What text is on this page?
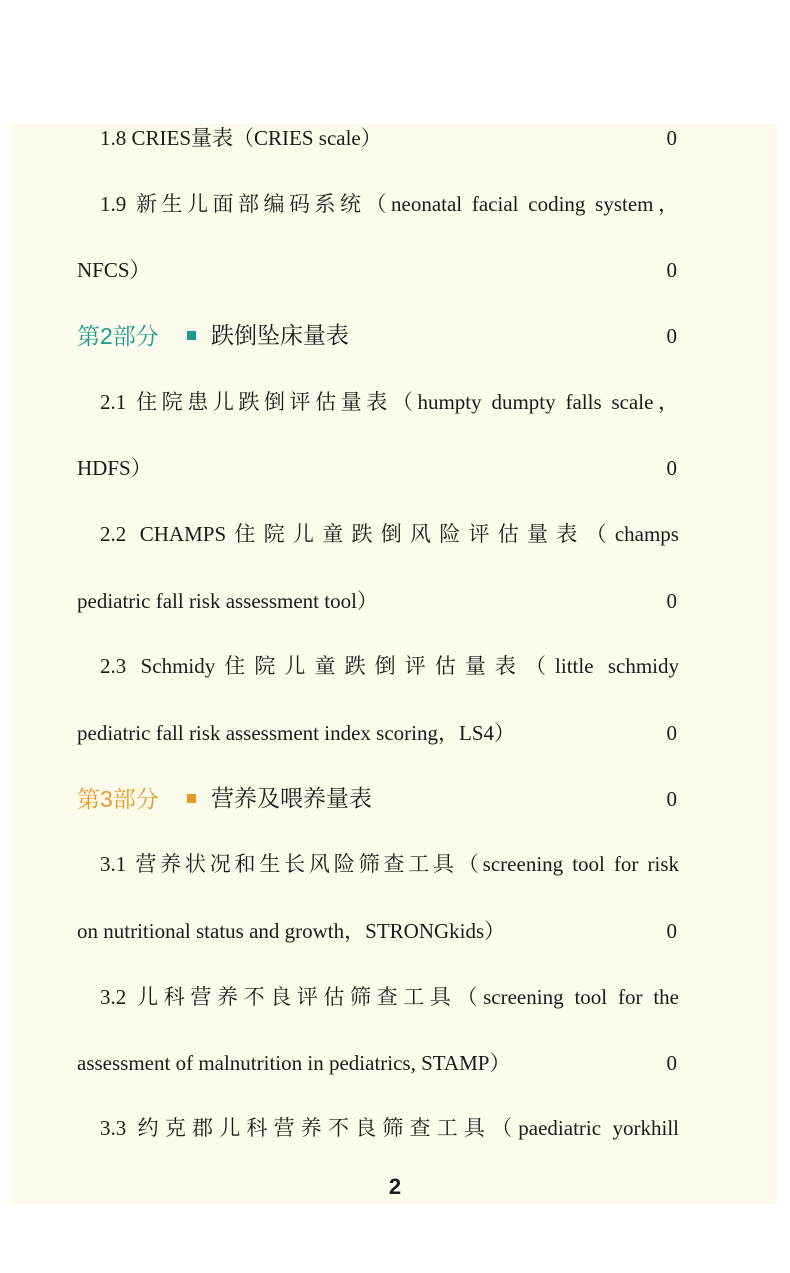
1.8 CRIES量表（CRIES scale）	0
1.9 新生儿面部编码系统（neonatal facial coding system，
NFCS）	0
第2部分 跌倒坠床量表	0
2.1 住院患儿跌倒评估量表（humpty dumpty falls scale，
HDFS）	0
2.2 CHAMPS住院儿童跌倒风险评估量表（champs
pediatric fall risk assessment tool）	0
2.3 Schmidy住院儿童跌倒评估量表（little schmidy
pediatric fall risk assessment index scoring，LS4）	0
第3部分 营养及喂养量表	0
3.1 营养状况和生长风险筛查工具（screening tool for risk
on nutritional status and growth，STRONGkids）	0
3.2 儿科营养不良评估筛查工具（screening tool for the
assessment of malnutrition in pediatrics, STAMP）	0
3.3 约克郡儿科营养不良筛查工具（paediatric yorkhill
2
